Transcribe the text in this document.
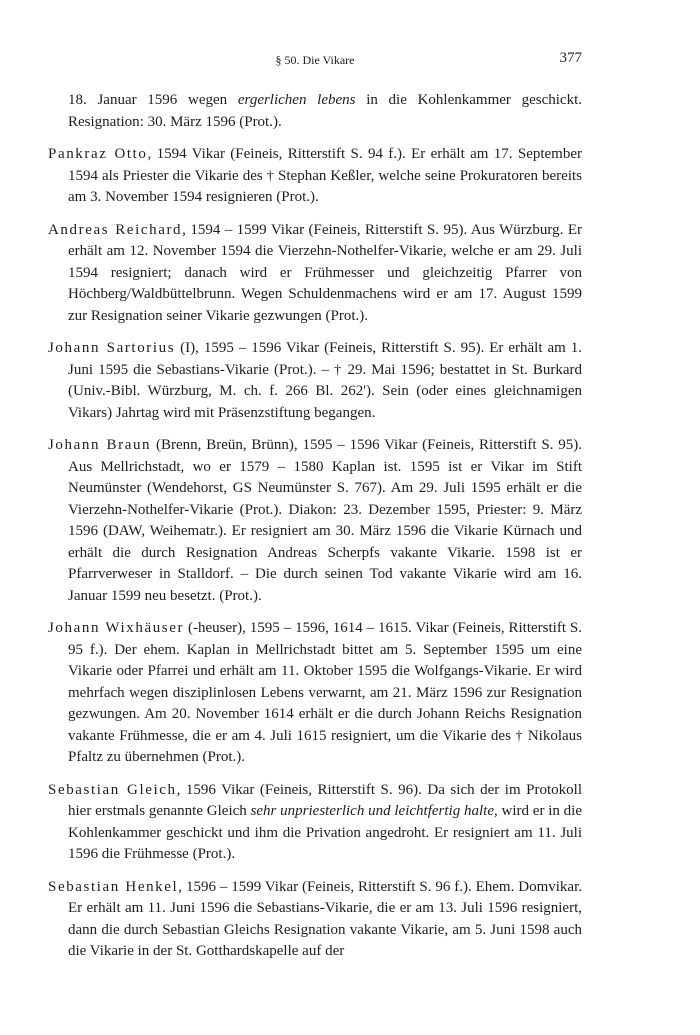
§ 50. Die Vikare	377

18. Januar 1596 wegen ergerlichen lebens in die Kohlenkammer geschickt. Resignation: 30. März 1596 (Prot.).

Pankraz Otto, 1594 Vikar (Feineis, Ritterstift S. 94 f.). Er erhält am 17. September 1594 als Priester die Vikarie des † Stephan Keßler, welche seine Prokuratoren bereits am 3. November 1594 resignieren (Prot.).

Andreas Reichard, 1594 – 1599 Vikar (Feineis, Ritterstift S. 95). Aus Würzburg. Er erhält am 12. November 1594 die Vierzehn-Nothelfer-Vikarie, welche er am 29. Juli 1594 resigniert; danach wird er Frühmesser und gleichzeitig Pfarrer von Höchberg/Waldbüttelbrunn. Wegen Schuldenmachens wird er am 17. August 1599 zur Resignation seiner Vikarie gezwungen (Prot.).

Johann Sartorius (I), 1595 – 1596 Vikar (Feineis, Ritterstift S. 95). Er erhält am 1. Juni 1595 die Sebastians-Vikarie (Prot.). – † 29. Mai 1596; bestattet in St. Burkard (Univ.-Bibl. Würzburg, M. ch. f. 266 Bl. 262'). Sein (oder eines gleichnamigen Vikars) Jahrtag wird mit Präsenzstiftung begangen.

Johann Braun (Brenn, Breün, Brünn), 1595 – 1596 Vikar (Feineis, Ritterstift S. 95). Aus Mellrichstadt, wo er 1579 – 1580 Kaplan ist. 1595 ist er Vikar im Stift Neumünster (Wendehorst, GS Neumünster S. 767). Am 29. Juli 1595 erhält er die Vierzehn-Nothelfer-Vikarie (Prot.). Diakon: 23. Dezember 1595, Priester: 9. März 1596 (DAW, Weihematr.). Er resigniert am 30. März 1596 die Vikarie Kürnach und erhält die durch Resignation Andreas Scherpfs vakante Vikarie. 1598 ist er Pfarrverweser in Stalldorf. – Die durch seinen Tod vakante Vikarie wird am 16. Januar 1599 neu besetzt. (Prot.).

Johann Wixhäuser (-heuser), 1595 – 1596, 1614 – 1615. Vikar (Feineis, Ritterstift S. 95 f.). Der ehem. Kaplan in Mellrichstadt bittet am 5. September 1595 um eine Vikarie oder Pfarrei und erhält am 11. Oktober 1595 die Wolfgangs-Vikarie. Er wird mehrfach wegen disziplinlosen Lebens verwarnt, am 21. März 1596 zur Resignation gezwungen. Am 20. November 1614 erhält er die durch Johann Reichs Resignation vakante Frühmesse, die er am 4. Juli 1615 resigniert, um die Vikarie des † Nikolaus Pfaltz zu übernehmen (Prot.).

Sebastian Gleich, 1596 Vikar (Feineis, Ritterstift S. 96). Da sich der im Protokoll hier erstmals genannte Gleich sehr unpriesterlich und leichtfertig halte, wird er in die Kohlenkammer geschickt und ihm die Privation angedroht. Er resigniert am 11. Juli 1596 die Frühmesse (Prot.).

Sebastian Henkel, 1596 – 1599 Vikar (Feineis, Ritterstift S. 96 f.). Ehem. Domvikar. Er erhält am 11. Juni 1596 die Sebastians-Vikarie, die er am 13. Juli 1596 resigniert, dann die durch Sebastian Gleichs Resignation vakante Vikarie, am 5. Juni 1598 auch die Vikarie in der St. Gotthardskapelle auf der
